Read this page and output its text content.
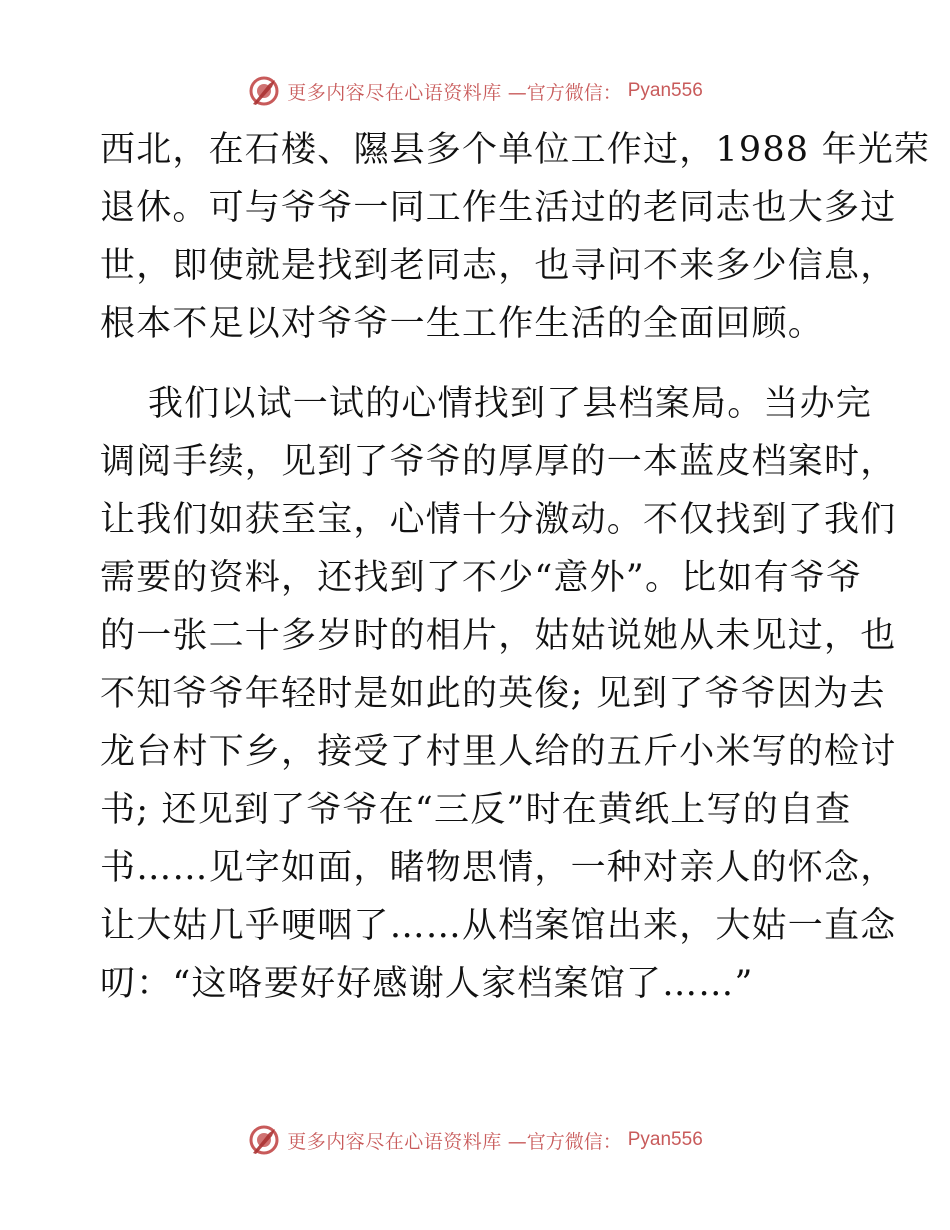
更多内容尽在心语资料库 —官方微信： Pyan556
西北，在石楼、隰县多个单位工作过，1988 年光荣
退休。可与爷爷一同工作生活过的老同志也大多过
世，即使就是找到老同志，也寻问不来多少信息，
根本不足以对爷爷一生工作生活的全面回顾。
我们以试一试的心情找到了县档案局。当办完
调阅手续，见到了爷爷的厚厚的一本蓝皮档案时，
让我们如获至宝，心情十分激动。不仅找到了我们
需要的资料，还找到了不少“意外”。比如有爷爷
的一张二十多岁时的相片，姑姑说她从未见过，也
不知爷爷年轻时是如此的英俊; 见到了爷爷因为去
龙台村下乡，接受了村里人给的五斤小米写的检讨
书; 还见到了爷爷在“三反”时在黄纸上写的自查
书……见字如面，睹物思情，一种对亲人的怀念，
让大姑几乎哽咽了……从档案馆出来，大姑一直念
叨：“这咯要好好感谢人家档案馆了……”
更多内容尽在心语资料库 —官方微信： Pyan556
